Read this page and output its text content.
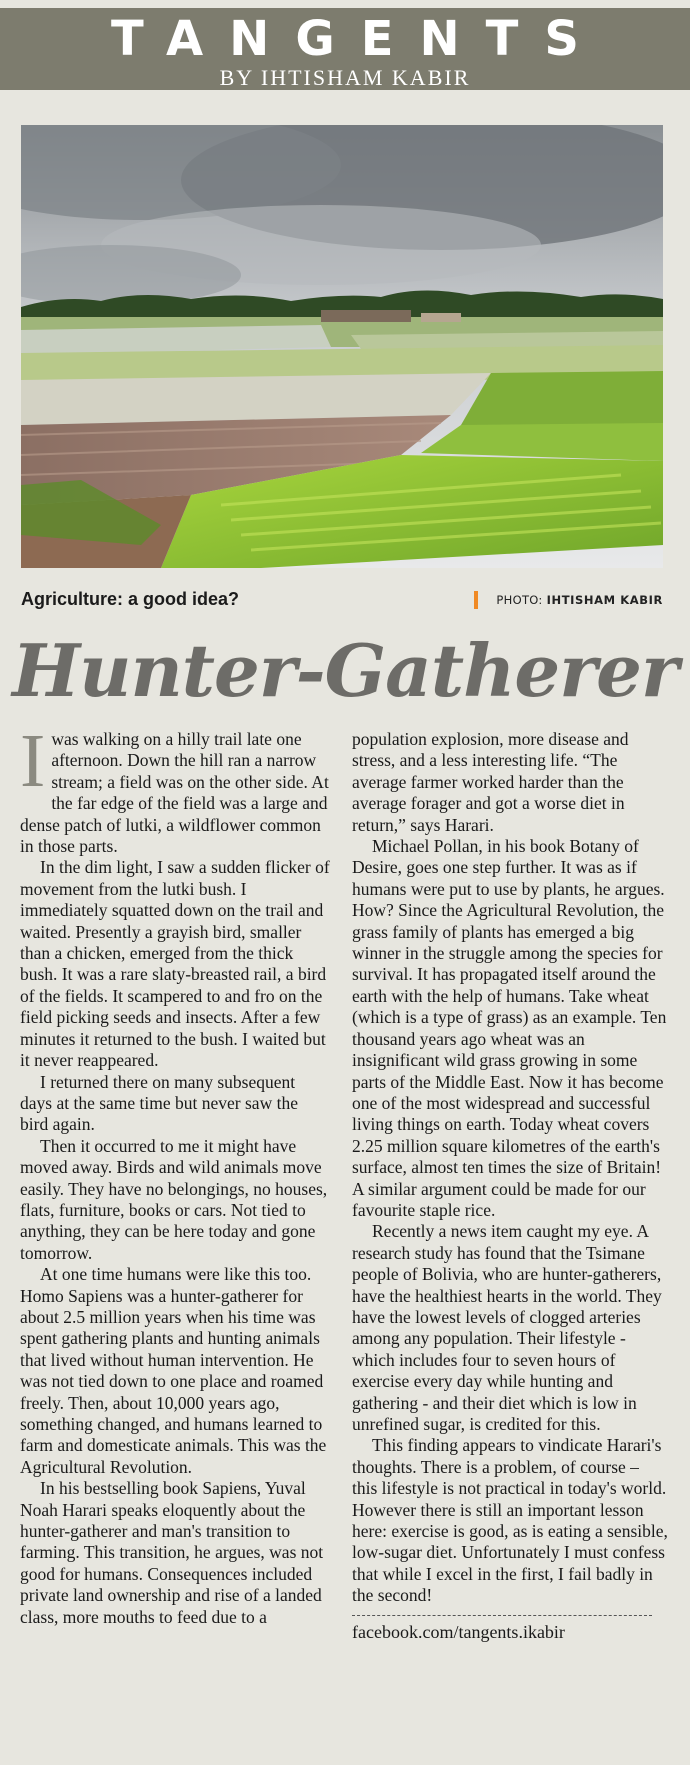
TANGENTS
BY IHTISHAM KABIR
Agriculture: a good idea?	PHOTO: IHTISHAM KABIR
Hunter-Gatherer

Iwas walking on a hilly trail late one afternoon. Down the hill ran a narrow stream; a field was on the other side. At the far edge of the field was a large and dense patch of lutki, a wildflower common in those parts.

In the dim light, I saw a sudden flicker of movement from the lutki bush. I immediately squatted down on the trail and waited. Presently a grayish bird, smaller than a chicken, emerged from the thick bush. It was a rare slaty-breasted rail, a bird of the fields. It scampered to and fro on the field picking seeds and insects. After a few minutes it returned to the bush. I waited but it never reappeared.

I returned there on many subsequent days at the same time but never saw the bird again.

Then it occurred to me it might have moved away. Birds and wild animals move easily. They have no belongings, no houses, flats, furniture, books or cars. Not tied to anything, they can be here today and gone tomorrow.

At one time humans were like this too. Homo Sapiens was a hunter-gatherer for about 2.5 million years when his time was spent gathering plants and hunting animals that lived without human intervention. He was not tied down to one place and roamed freely. Then, about 10,000 years ago, something changed, and humans learned to farm and domesticate animals. This was the Agricultural Revolution.

In his bestselling book Sapiens, Yuval Noah Harari speaks eloquently about the hunter-gatherer and man's transition to farming. This transition, he argues, was not good for humans. Consequences included private land ownership and rise of a landed class, more mouths to feed due to a

population explosion, more disease and stress, and a less interesting life. “The average farmer worked harder than the average forager and got a worse diet in return,” says Harari.

Michael Pollan, in his book Botany of Desire, goes one step further. It was as if humans were put to use by plants, he argues. How? Since the Agricultural Revolution, the grass family of plants has emerged a big winner in the struggle among the species for survival. It has propagated itself around the earth with the help of humans. Take wheat (which is a type of grass) as an example. Ten thousand years ago wheat was an insignificant wild grass growing in some parts of the Middle East. Now it has become one of the most widespread and successful living things on earth. Today wheat covers 2.25 million square kilometres of the earth's surface, almost ten times the size of Britain! A similar argument could be made for our favourite staple rice.

Recently a news item caught my eye. A research study has found that the Tsimane people of Bolivia, who are hunter-gatherers, have the healthiest hearts in the world. They have the lowest levels of clogged arteries among any population. Their lifestyle - which includes four to seven hours of exercise every day while hunting and gathering - and their diet which is low in unrefined sugar, is credited for this.

This finding appears to vindicate Harari's thoughts. There is a problem, of course – this lifestyle is not practical in today's world. However there is still an important lesson here: exercise is good, as is eating a sensible, low-sugar diet. Unfortunately I must confess that while I excel in the first, I fail badly in the second!

facebook.com/tangents.ikabir
